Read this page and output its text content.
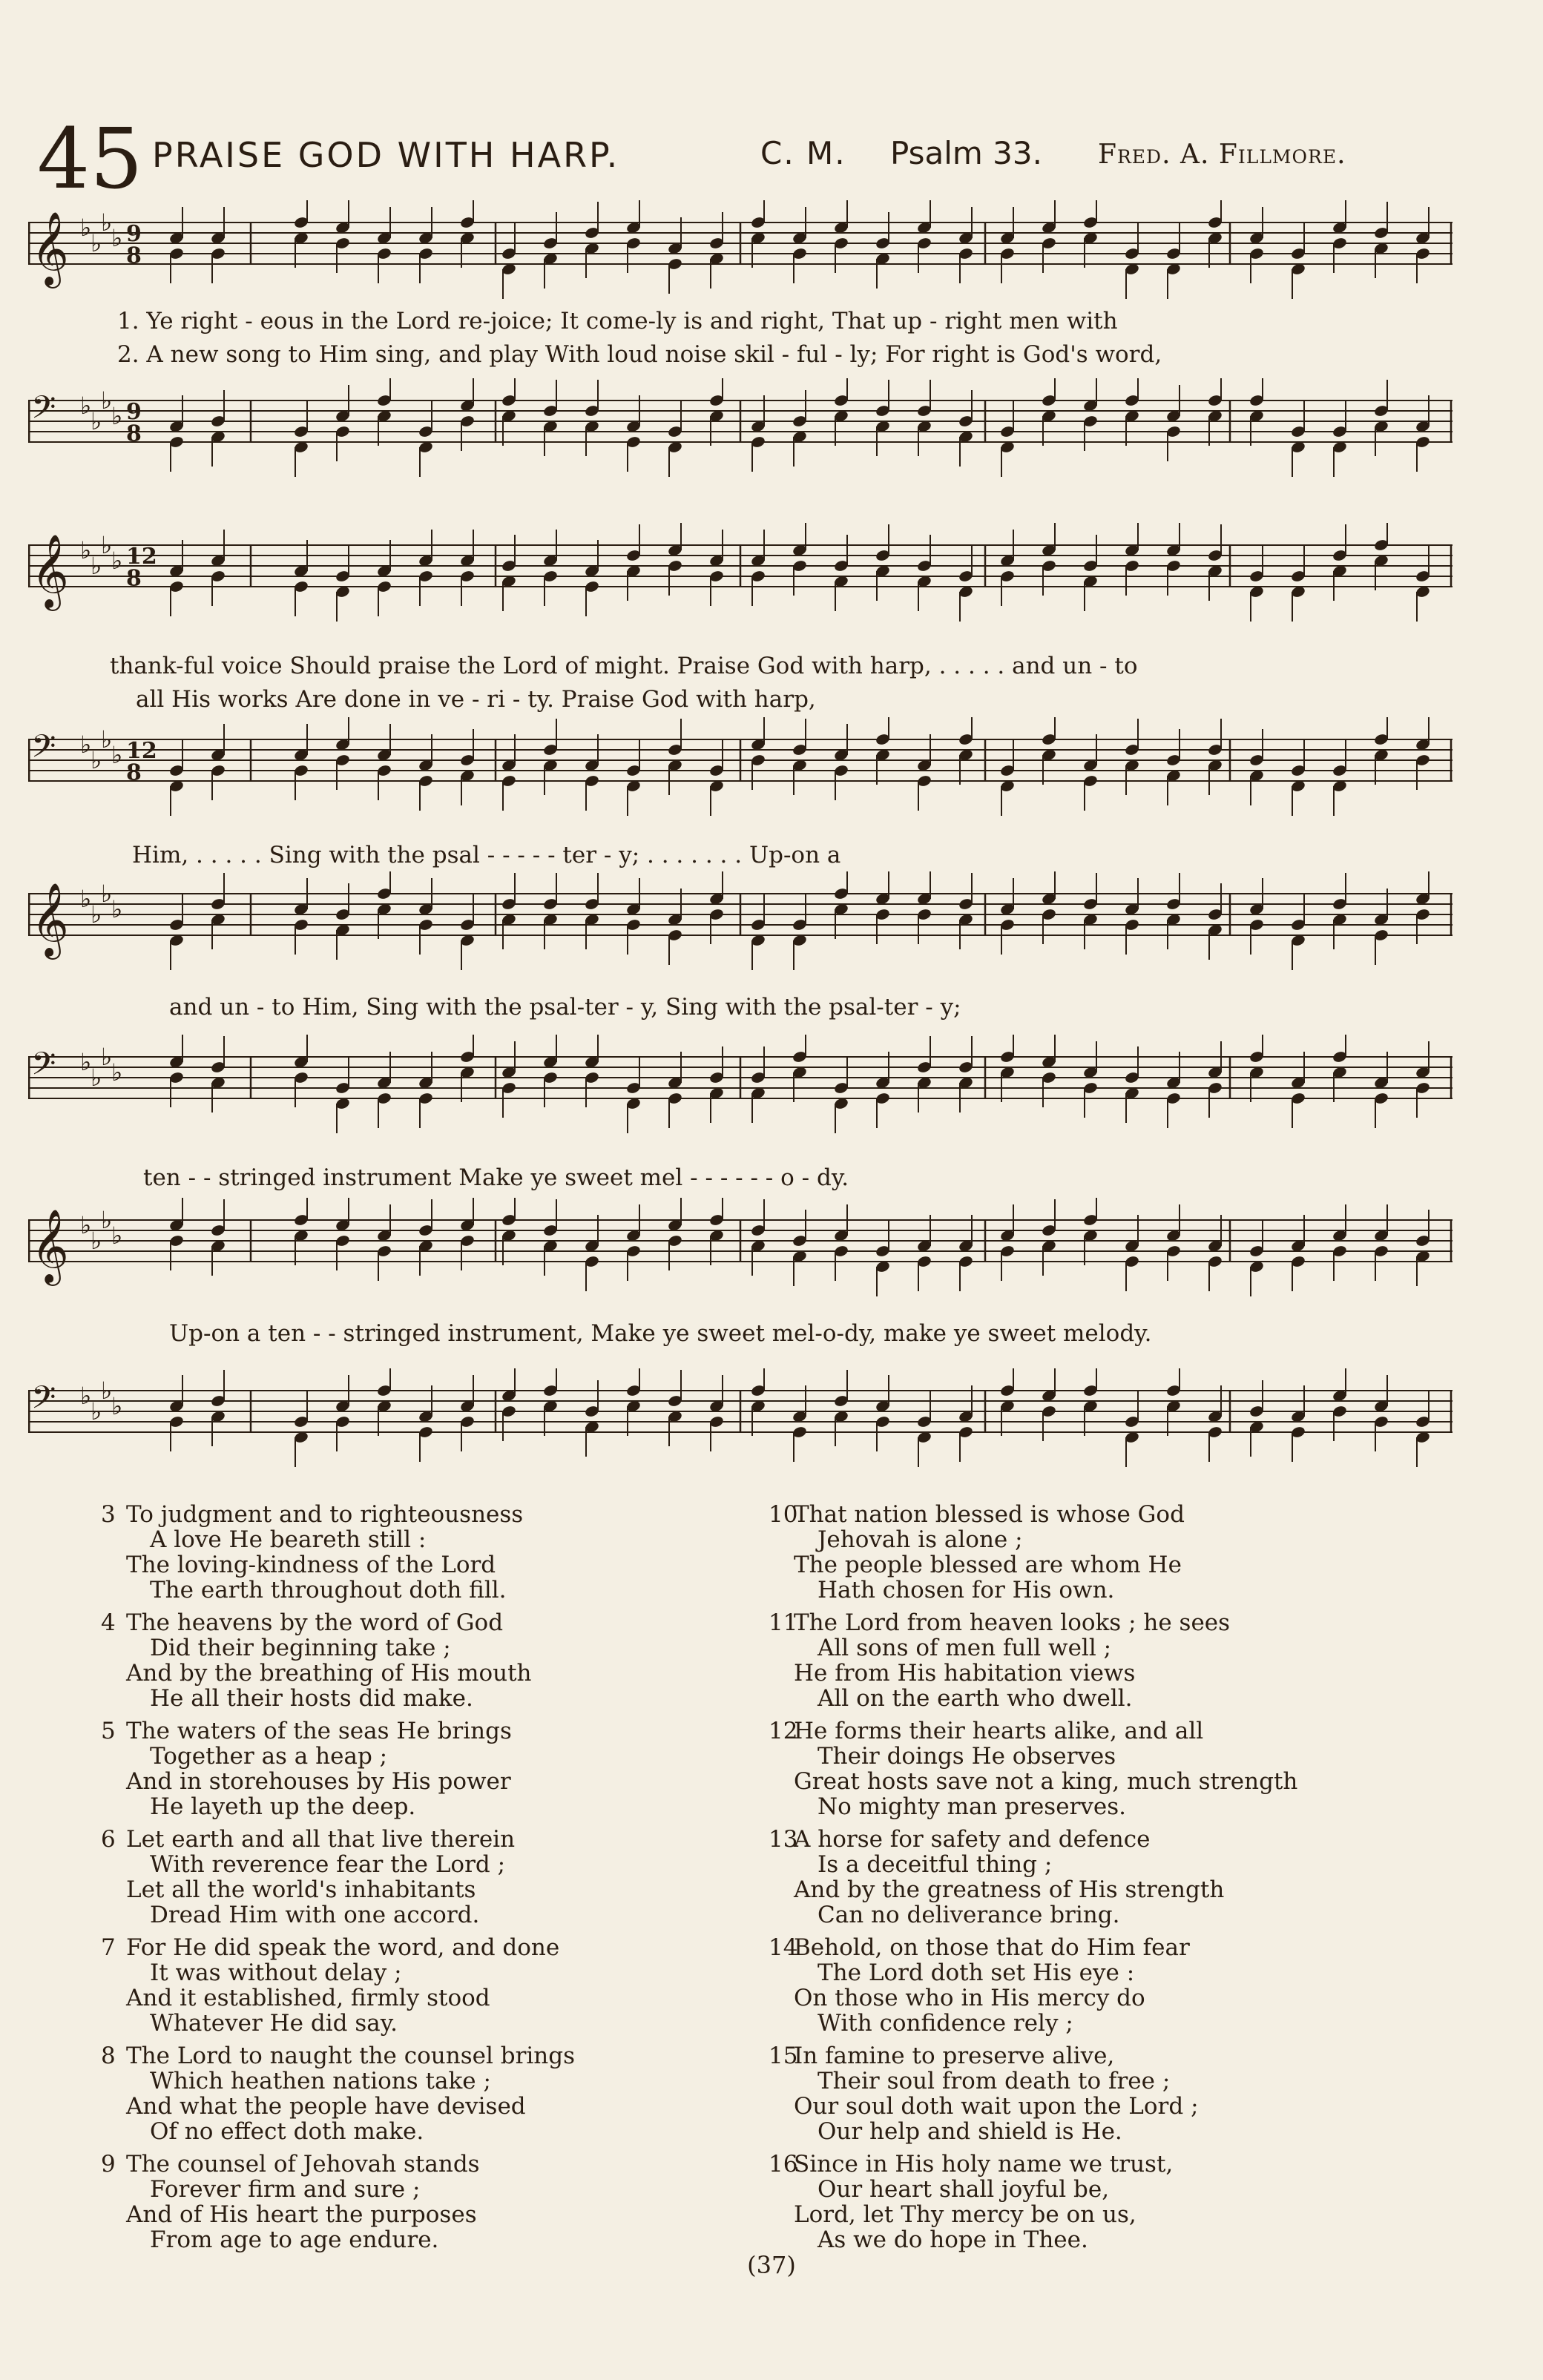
45 PRAISE GOD WITH HARP.	C. M. Psalm 33. Fred. A. Fillmore.
𝄞 ♭
♭
♭
♭ 9
8
1. Ye right - eous in the Lord re-joice; It come-ly is and right, That up - right men with
2. A new song to Him sing, and play With loud noise skil - ful - ly; For right is God's word,
𝄢 ♭
♭
♭
♭ 9
8
𝄞 ♭
♭
♭
♭ 12
8
thank-ful voice Should praise the Lord of might. Praise God with harp, . . . . . and un - to
all His works Are done in ve - ri - ty. Praise God with harp,
𝄢 ♭
♭
♭
♭ 12
8
Him, . . . . . Sing with the psal - - - - - ter - y; . . . . . . . Up-on a
𝄞 ♭
♭
♭
♭
and un - to Him, Sing with the psal-ter - y, Sing with the psal-ter - y;
𝄢 ♭
♭
♭
♭
ten - - stringed instrument Make ye sweet mel - - - - - - o - dy.
𝄞 ♭
♭
♭
♭
Up-on a ten - - stringed instrument, Make ye sweet mel-o-dy, make ye sweet melody.
𝄢 ♭
♭
♭
♭
3 To judgment and to righteousness
A love He beareth still :
The loving-kindness of the Lord
The earth throughout doth fill.
4 The heavens by the word of God
Did their beginning take ;
And by the breathing of His mouth
He all their hosts did make.
5 The waters of the seas He brings
Together as a heap ;
And in storehouses by His power
He layeth up the deep.
6 Let earth and all that live therein
With reverence fear the Lord ;
Let all the world's inhabitants
Dread Him with one accord.
7 For He did speak the word, and done
It was without delay ;
And it established, firmly stood
Whatever He did say.
8 The Lord to naught the counsel brings
Which heathen nations take ;
And what the people have devised
Of no effect doth make.
9 The counsel of Jehovah stands
Forever firm and sure ;
And of His heart the purposes
From age to age endure.
10That nation blessed is whose God
Jehovah is alone ;
The people blessed are whom He
Hath chosen for His own.
11The Lord from heaven looks ; he sees
All sons of men full well ;
He from His habitation views
All on the earth who dwell.
12He forms their hearts alike, and all
Their doings He observes
Great hosts save not a king, much strength
No mighty man preserves.
13A horse for safety and defence
Is a deceitful thing ;
And by the greatness of His strength
Can no deliverance bring.
14Behold, on those that do Him fear
The Lord doth set His eye :
On those who in His mercy do
With confidence rely ;
15In famine to preserve alive,
Their soul from death to free ;
Our soul doth wait upon the Lord ;
Our help and shield is He.
16Since in His holy name we trust,
Our heart shall joyful be,
Lord, let Thy mercy be on us,
As we do hope in Thee.
(37)
